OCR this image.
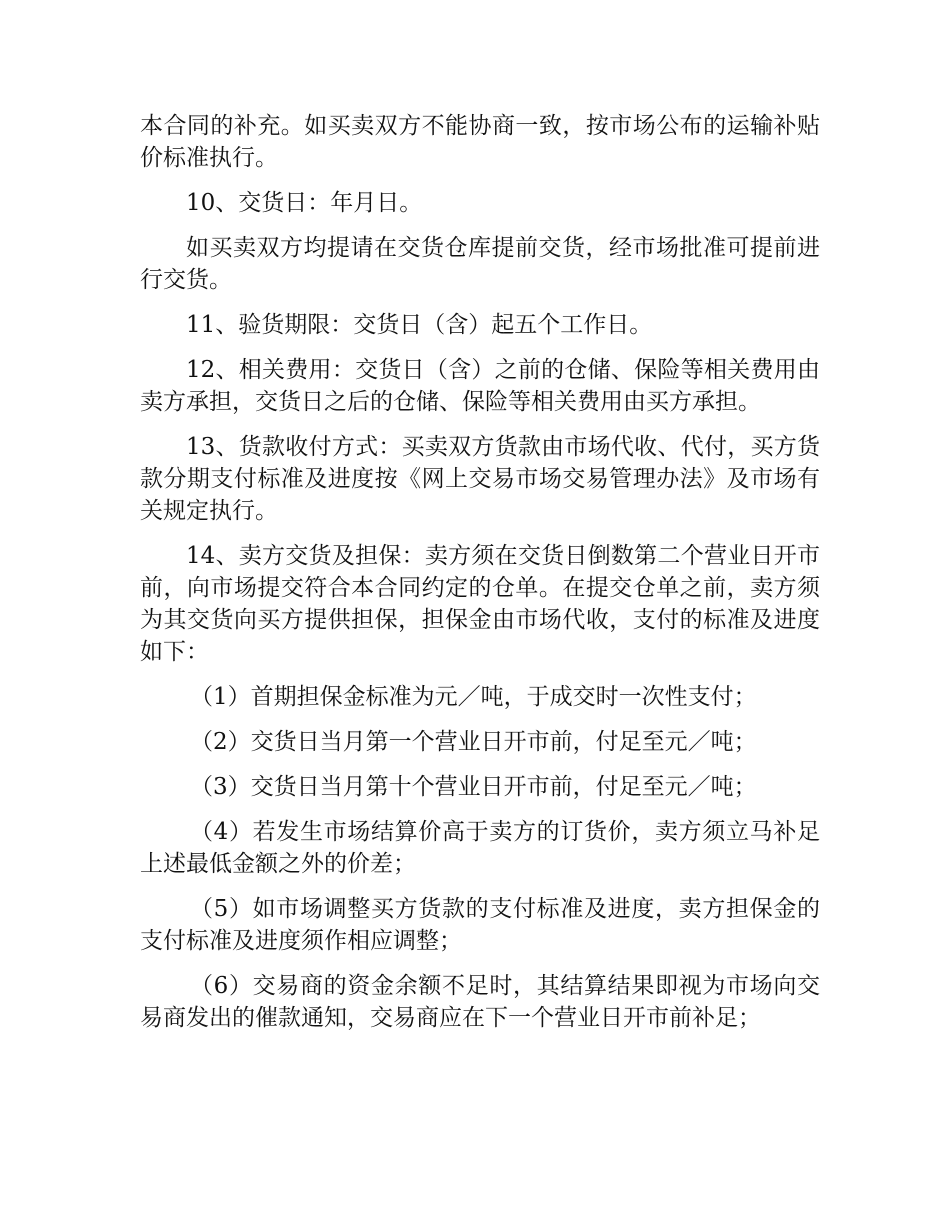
本合同的补充。如买卖双方不能协商一致，按市场公布的运输补贴价标准执行。

10、交货日：年月日。

如买卖双方均提请在交货仓库提前交货，经市场批准可提前进行交货。

11、验货期限：交货日（含）起五个工作日。

12、相关费用：交货日（含）之前的仓储、保险等相关费用由卖方承担，交货日之后的仓储、保险等相关费用由买方承担。

13、货款收付方式：买卖双方货款由市场代收、代付，买方货款分期支付标准及进度按《网上交易市场交易管理办法》及市场有关规定执行。

14、卖方交货及担保：卖方须在交货日倒数第二个营业日开市前，向市场提交符合本合同约定的仓单。在提交仓单之前，卖方须为其交货向买方提供担保，担保金由市场代收，支付的标准及进度如下：

（1）首期担保金标准为元／吨，于成交时一次性支付；

（2）交货日当月第一个营业日开市前，付足至元／吨；

（3）交货日当月第十个营业日开市前，付足至元／吨；

（4）若发生市场结算价高于卖方的订货价，卖方须立马补足上述最低金额之外的价差；

（5）如市场调整买方货款的支付标准及进度，卖方担保金的支付标准及进度须作相应调整；

（6）交易商的资金余额不足时，其结算结果即视为市场向交易商发出的催款通知，交易商应在下一个营业日开市前补足；
